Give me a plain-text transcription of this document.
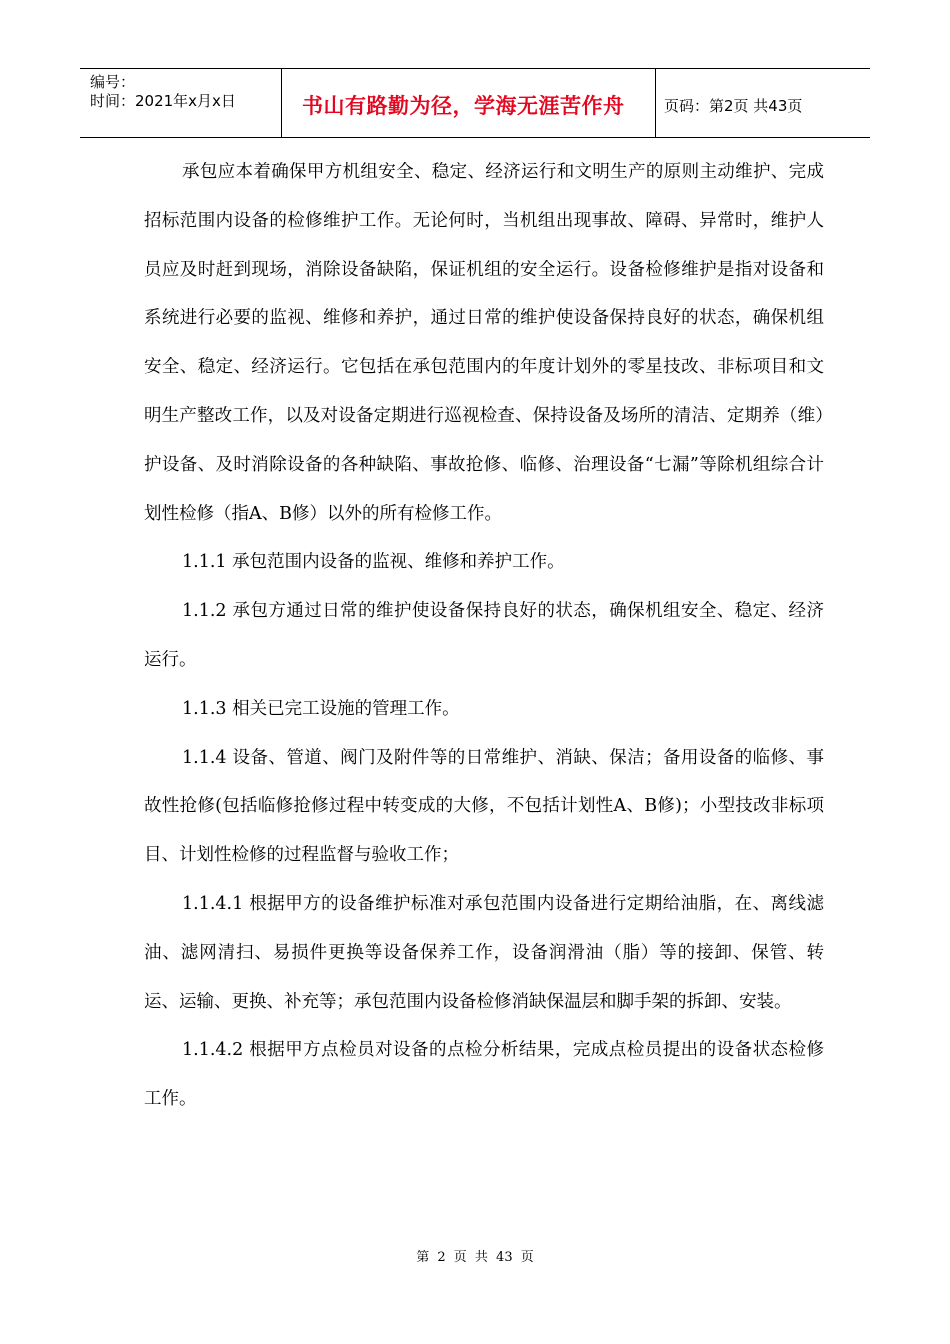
编号：
时间：2021年x月x日	书山有路勤为径，学海无涯苦作舟	页码：第2页 共43页

承包应本着确保甲方机组安全、稳定、经济运行和文明生产的原则主动维护、完成招标范围内设备的检修维护工作。无论何时，当机组出现事故、障碍、异常时，维护人员应及时赶到现场，消除设备缺陷，保证机组的安全运行。设备检修维护是指对设备和系统进行必要的监视、维修和养护，通过日常的维护使设备保持良好的状态，确保机组安全、稳定、经济运行。它包括在承包范围内的年度计划外的零星技改、非标项目和文明生产整改工作，以及对设备定期进行巡视检查、保持设备及场所的清洁、定期养（维）护设备、及时消除设备的各种缺陷、事故抢修、临修、治理设备“七漏”等除机组综合计划性检修（指A、B修）以外的所有检修工作。

1.1.1 承包范围内设备的监视、维修和养护工作。

1.1.2 承包方通过日常的维护使设备保持良好的状态，确保机组安全、稳定、经济运行。

1.1.3 相关已完工设施的管理工作。

1.1.4 设备、管道、阀门及附件等的日常维护、消缺、保洁；备用设备的临修、事故性抢修(包括临修抢修过程中转变成的大修，不包括计划性A、B修)；小型技改非标项目、计划性检修的过程监督与验收工作；

1.1.4.1 根据甲方的设备维护标准对承包范围内设备进行定期给油脂，在、离线滤油、滤网清扫、易损件更换等设备保养工作，设备润滑油（脂）等的接卸、保管、转运、运输、更换、补充等；承包范围内设备检修消缺保温层和脚手架的拆卸、安装。

1.1.4.2 根据甲方点检员对设备的点检分析结果，完成点检员提出的设备状态检修工作。

第 2 页 共 43 页
